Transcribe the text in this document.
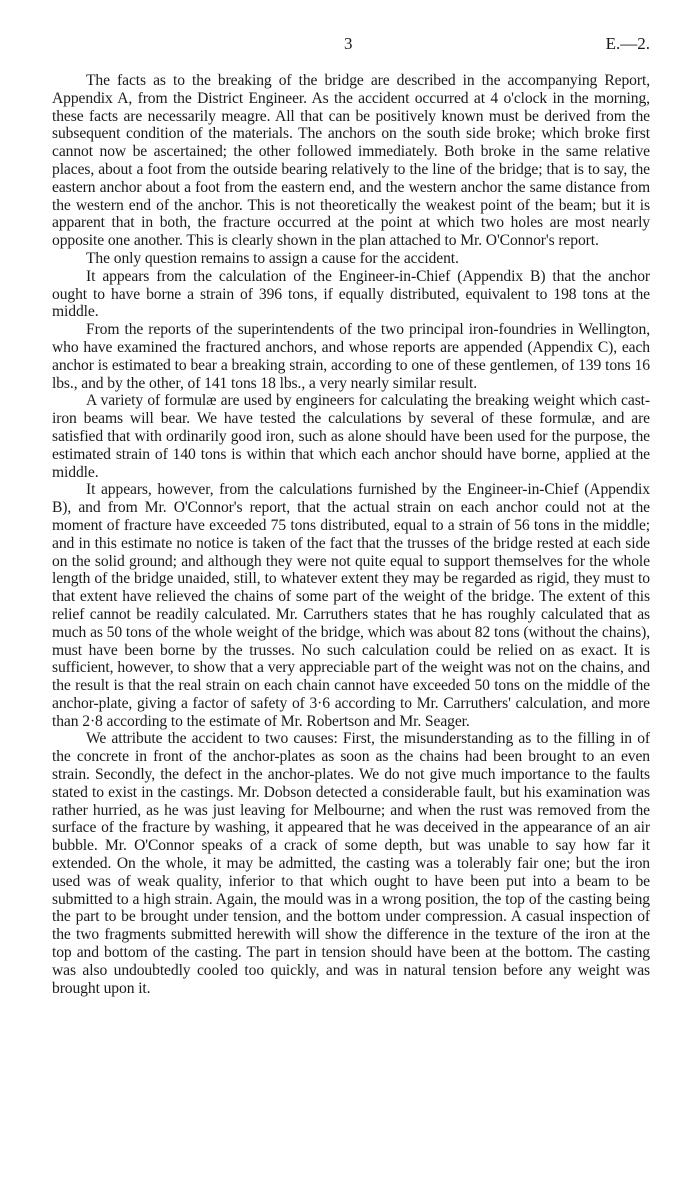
3	E.—2.

The facts as to the breaking of the bridge are described in the accompanying Report, Appendix A, from the District Engineer. As the accident occurred at 4 o'clock in the morning, these facts are necessarily meagre. All that can be positively known must be derived from the subsequent condition of the materials. The anchors on the south side broke; which broke first cannot now be ascertained; the other followed immediately. Both broke in the same relative places, about a foot from the outside bearing relatively to the line of the bridge; that is to say, the eastern anchor about a foot from the eastern end, and the western anchor the same distance from the western end of the anchor. This is not theoretically the weakest point of the beam; but it is apparent that in both, the fracture occurred at the point at which two holes are most nearly opposite one another. This is clearly shown in the plan attached to Mr. O'Connor's report.

The only question remains to assign a cause for the accident.

It appears from the calculation of the Engineer-in-Chief (Appendix B) that the anchor ought to have borne a strain of 396 tons, if equally distributed, equivalent to 198 tons at the middle.

From the reports of the superintendents of the two principal iron-foundries in Wellington, who have examined the fractured anchors, and whose reports are appended (Appendix C), each anchor is estimated to bear a breaking strain, according to one of these gentlemen, of 139 tons 16 lbs., and by the other, of 141 tons 18 lbs., a very nearly similar result.

A variety of formulæ are used by engineers for calculating the breaking weight which cast-iron beams will bear. We have tested the calculations by several of these formulæ, and are satisfied that with ordinarily good iron, such as alone should have been used for the purpose, the estimated strain of 140 tons is within that which each anchor should have borne, applied at the middle.

It appears, however, from the calculations furnished by the Engineer-in-Chief (Appendix B), and from Mr. O'Connor's report, that the actual strain on each anchor could not at the moment of fracture have exceeded 75 tons distributed, equal to a strain of 56 tons in the middle; and in this estimate no notice is taken of the fact that the trusses of the bridge rested at each side on the solid ground; and although they were not quite equal to support themselves for the whole length of the bridge unaided, still, to whatever extent they may be regarded as rigid, they must to that extent have relieved the chains of some part of the weight of the bridge. The extent of this relief cannot be readily calculated. Mr. Carruthers states that he has roughly calculated that as much as 50 tons of the whole weight of the bridge, which was about 82 tons (without the chains), must have been borne by the trusses. No such calculation could be relied on as exact. It is sufficient, however, to show that a very appreciable part of the weight was not on the chains, and the result is that the real strain on each chain cannot have exceeded 50 tons on the middle of the anchor-plate, giving a factor of safety of 3·6 according to Mr. Carruthers' calculation, and more than 2·8 according to the estimate of Mr. Robertson and Mr. Seager.

We attribute the accident to two causes: First, the misunderstanding as to the filling in of the concrete in front of the anchor-plates as soon as the chains had been brought to an even strain. Secondly, the defect in the anchor-plates. We do not give much importance to the faults stated to exist in the castings. Mr. Dobson detected a considerable fault, but his examination was rather hurried, as he was just leaving for Melbourne; and when the rust was removed from the surface of the fracture by washing, it appeared that he was deceived in the appearance of an air bubble. Mr. O'Connor speaks of a crack of some depth, but was unable to say how far it extended. On the whole, it may be admitted, the casting was a tolerably fair one; but the iron used was of weak quality, inferior to that which ought to have been put into a beam to be submitted to a high strain. Again, the mould was in a wrong position, the top of the casting being the part to be brought under tension, and the bottom under compression. A casual inspection of the two fragments submitted herewith will show the difference in the texture of the iron at the top and bottom of the casting. The part in tension should have been at the bottom. The casting was also undoubtedly cooled too quickly, and was in natural tension before any weight was brought upon it.
